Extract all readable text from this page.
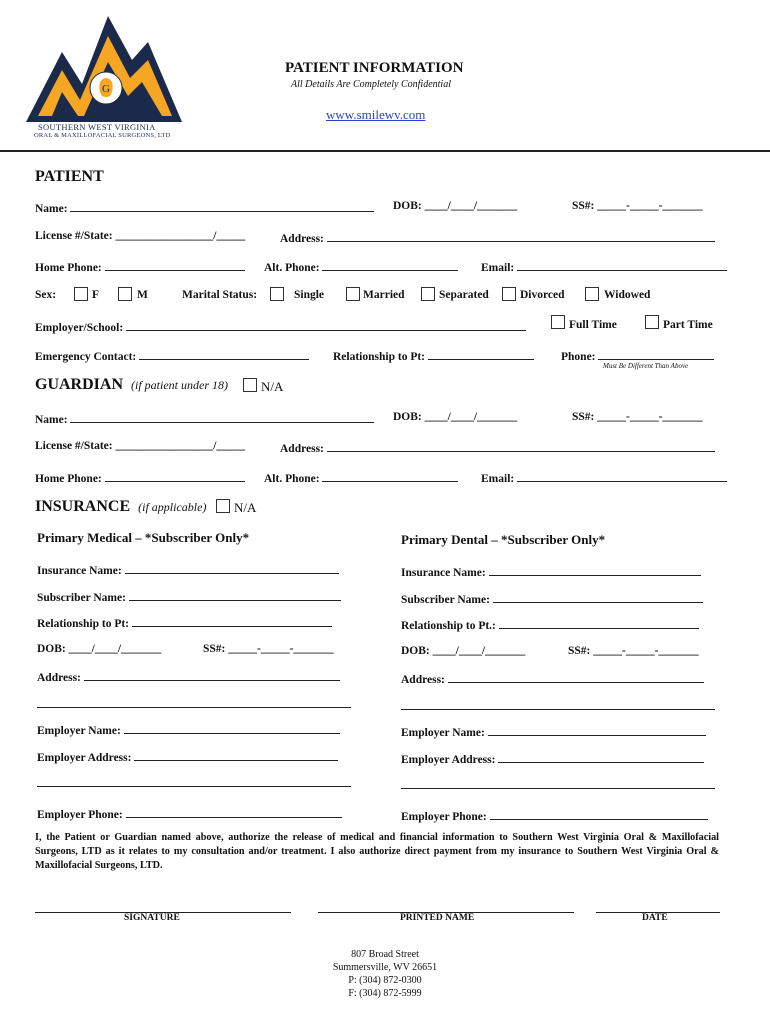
G
SOUTHERN WEST VIRGINIA
ORAL & MAXILLOFACIAL SURGEONS, LTD
PATIENT INFORMATION
All Details Are Completely Confidential
www.smilewv.com
PATIENT
Name:	DOB: ____/____/_______	SS#: _____-_____-_______
License #/State: _________________/_____	Address:
Home Phone:	Alt. Phone:	Email:
Sex:	F	M	Marital Status:	Single	Married	Separated	Divorced	Widowed
Employer/School:	Full Time	Part Time
Emergency Contact:	Relationship to Pt:	Phone:
Must Be Different Than Above
GUARDIAN (if patient under 18)	N/A
Name:	DOB: ____/____/_______	SS#: _____-_____-_______
License #/State: _________________/_____	Address:
Home Phone:	Alt. Phone:	Email:
INSURANCE (if applicable) N/A
Primary Medical – *Subscriber Only*
Insurance Name:
Subscriber Name:
Relationship to Pt:
DOB: ____/____/_______	SS#: _____-_____-_______
Address:
Employer Name:
Employer Address:
Employer Phone:
Primary Dental – *Subscriber Only*
Insurance Name:
Subscriber Name:
Relationship to Pt.:
DOB: ____/____/_______	SS#: _____-_____-_______
Address:
Employer Name:
Employer Address:
Employer Phone:
I, the Patient or Guardian named above, authorize the release of medical and financial information to Southern West Virginia Oral & Maxillofacial Surgeons, LTD as it relates to my consultation and/or treatment. I also authorize direct payment from my insurance to Southern West Virginia Oral & Maxillofacial Surgeons, LTD.
SIGNATURE	PRINTED NAME	DATE
807 Broad Street
Summersville, WV 26651
P: (304) 872-0300
F: (304) 872-5999
